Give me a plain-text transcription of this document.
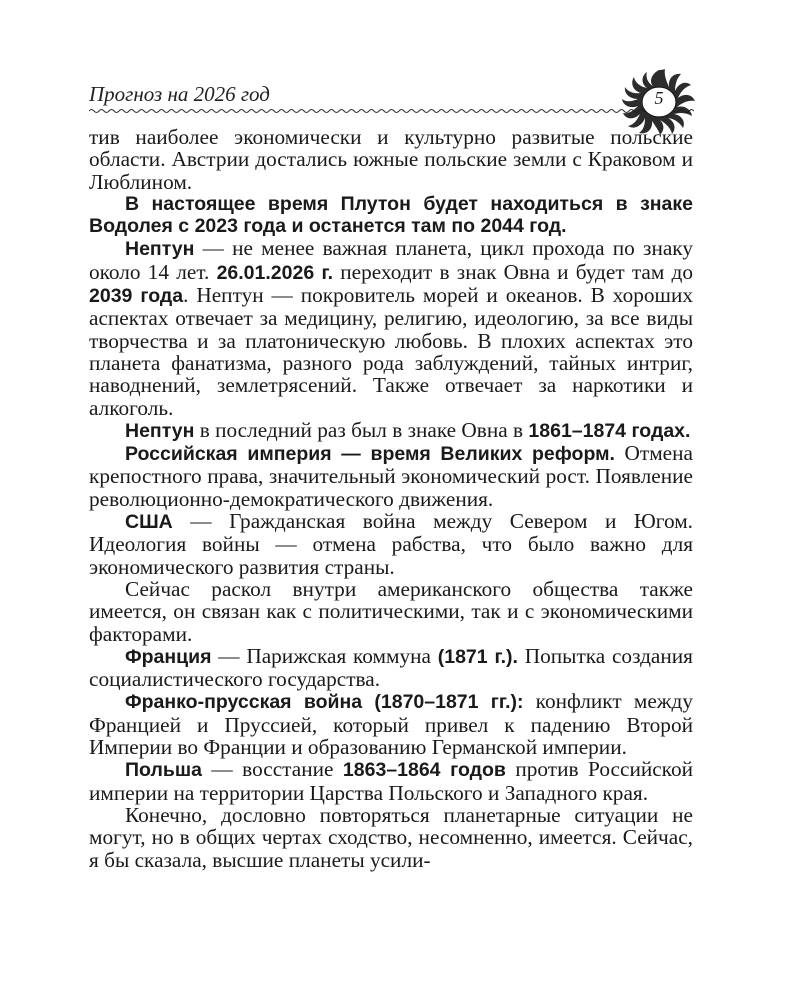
Прогноз на 2026 год	5

тив наиболее экономически и культурно развитые польские области. Австрии достались южные польские земли с Краковом и Люблином.

В настоящее время Плутон будет находиться в знаке Водолея с 2023 года и останется там по 2044 год.

Нептун — не менее важная планета, цикл прохода по знаку около 14 лет. 26.01.2026 г. переходит в знак Овна и будет там до 2039 года. Нептун — покровитель морей и океанов. В хороших аспектах отвечает за медицину, религию, идеологию, за все виды творчества и за платоническую любовь. В плохих аспектах это планета фанатизма, разного рода заблуждений, тайных интриг, наводнений, землетрясений. Также отвечает за наркотики и алкоголь.

Нептун в последний раз был в знаке Овна в 1861–1874 годах.

Российская империя — время Великих реформ. Отмена крепостного права, значительный экономический рост. Появление революционно-демократического движения.

США — Гражданская война между Севером и Югом. Идеология войны — отмена рабства, что было важно для экономического развития страны.

Сейчас раскол внутри американского общества также имеется, он связан как с политическими, так и с экономическими факторами.

Франция — Парижская коммуна (1871 г.). Попытка создания социалистического государства.

Франко-прусская война (1870–1871 гг.): конфликт между Францией и Пруссией, который привел к падению Второй Империи во Франции и образованию Германской империи.

Польша — восстание 1863–1864 годов против Российской империи на территории Царства Польского и Западного края.

Конечно, дословно повторяться планетарные ситуации не могут, но в общих чертах сходство, несомненно, имеется. Сейчас, я бы сказала, высшие планеты усили-
